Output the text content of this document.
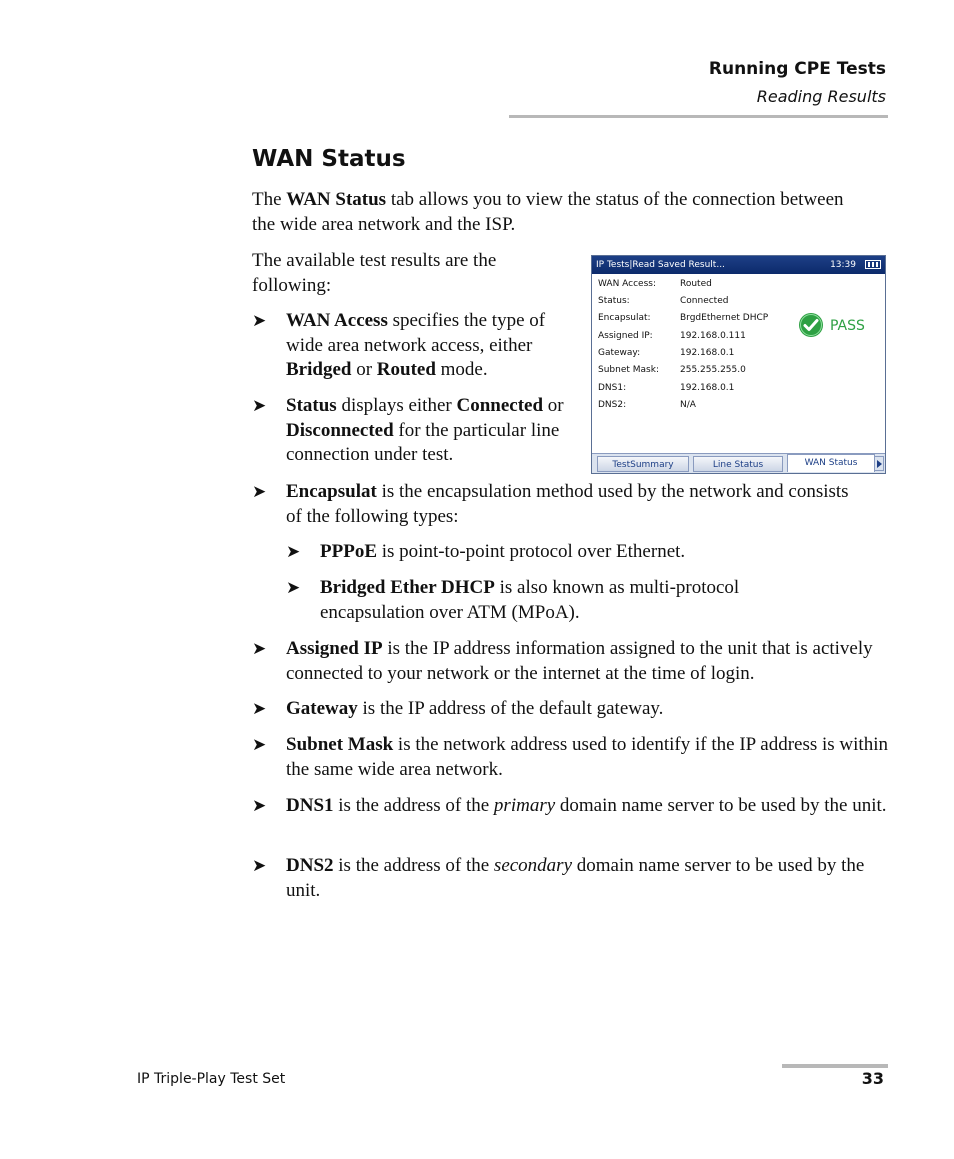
Running CPE Tests
Reading Results
WAN Status

The WAN Status tab allows you to view the status of the connection between the wide area network and the ISP.

The available test results are the following:

➤ WAN Access specifies the type of wide area network access, either Bridged or Routed mode.

➤ Status displays either Connected or Disconnected for the particular line connection under test.

IP Tests|Read Saved Result...	13:39
WAN Access:	Routed
Status:	Connected
Encapsulat:	BrgdEthernet DHCP
Assigned IP:	192.168.0.111
Gateway:	192.168.0.1
Subnet Mask: 255.255.255.0
DNS1:	192.168.0.1
DNS2:	N/A
PASS
TestSummary	Line Status	WAN Status
➤ Encapsulat is the encapsulation method used by the network and consists of the following types:

➤ PPPoE is point-to-point protocol over Ethernet.

➤ Bridged Ether DHCP is also known as multi-protocol encapsulation over ATM (MPoA).

➤ Assigned IP is the IP address information assigned to the unit that is actively connected to your network or the internet at the time of login.

➤ Gateway is the IP address of the default gateway.

➤ Subnet Mask is the network address used to identify if the IP address is within the same wide area network.

➤ DNS1 is the address of the primary domain name server to be used by the unit.

➤ DNS2 is the address of the secondary domain name server to be used by the unit.

IP Triple-Play Test Set	33
